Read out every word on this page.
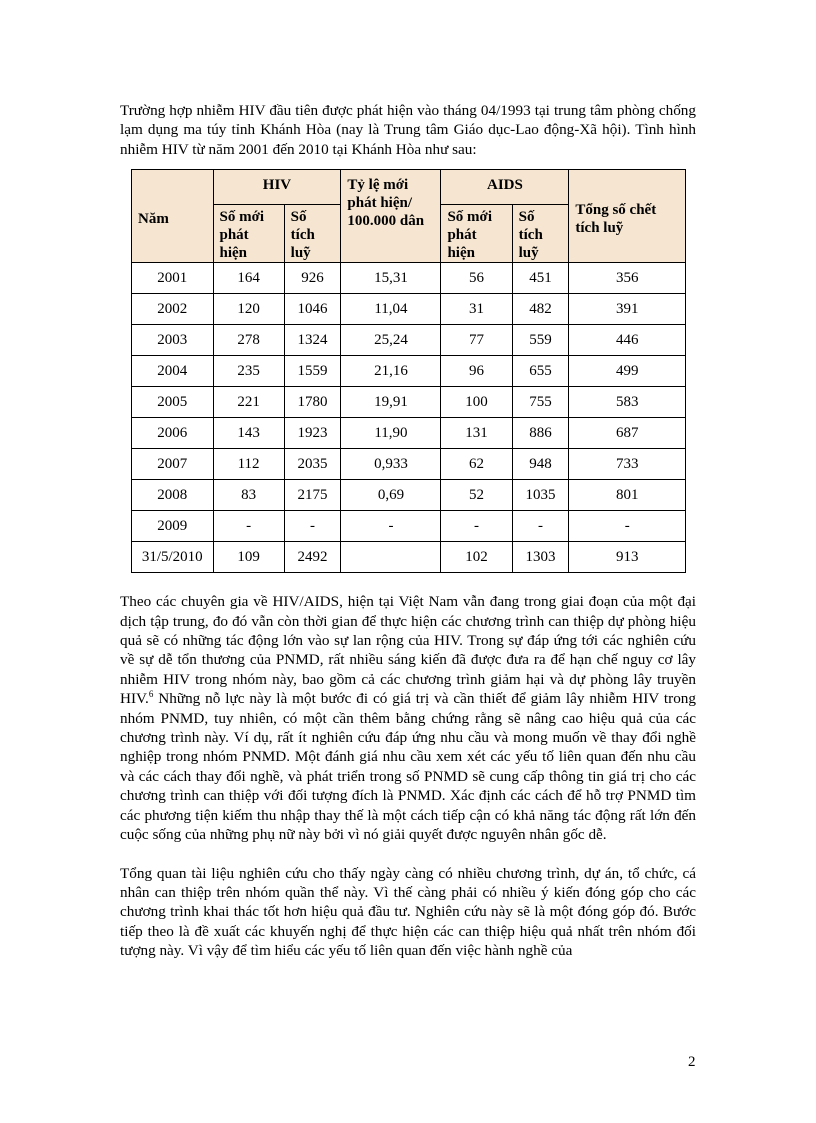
Trường hợp nhiễm HIV đầu tiên được phát hiện vào tháng 04/1993 tại trung tâm phòng chống lạm dụng ma túy tỉnh Khánh Hòa (nay là Trung tâm Giáo dục-Lao động-Xã hội). Tình hình nhiễm HIV từ năm 2001 đến 2010 tại Khánh Hòa như sau:

Năm	HIV		Tỷ lệ mới phát hiện/ 100.000 dân	AIDS		Tổng số chết tích luỹ
	Số mới phát hiện	Số tích luỹ		Số mới phát hiện	Số tích luỹ	
2001	164	926	15,31	56	451	356
2002	120	1046	11,04	31	482	391
2003	278	1324	25,24	77	559	446
2004	235	1559	21,16	96	655	499
2005	221	1780	19,91	100	755	583
2006	143	1923	11,90	131	886	687
2007	112	2035	0,933	62	948	733
2008	83	2175	0,69	52	1035	801
2009	-	-	-	-	-	-
31/5/2010	109	2492		102	1303	913

Theo các chuyên gia về HIV/AIDS, hiện tại Việt Nam vẫn đang trong giai đoạn của một đại dịch tập trung, đo đó vẫn còn thời gian để thực hiện các chương trình can thiệp dự phòng hiệu quả sẽ có những tác động lớn vào sự lan rộng của HIV. Trong sự đáp ứng tới các nghiên cứu về sự dễ tổn thương của PNMD, rất nhiều sáng kiến đã được đưa ra để hạn chế nguy cơ lây nhiễm HIV trong nhóm này, bao gồm cả các chương trình giảm hại và dự phòng lây truyền HIV.$^6$ Những nỗ lực này là một bước đi có giá trị và cần thiết để giảm lây nhiễm HIV trong nhóm PNMD, tuy nhiên, có một cần thêm bằng chứng rằng sẽ nâng cao hiệu quả của các chương trình này. Ví dụ, rất ít nghiên cứu đáp ứng nhu cầu và mong muốn về thay đổi nghề nghiệp trong nhóm PNMD. Một đánh giá nhu cầu xem xét các yếu tố liên quan đến nhu cầu và các cách thay đổi nghề, và phát triển trong số PNMD sẽ cung cấp thông tin giá trị cho các chương trình can thiệp với đối tượng đích là PNMD. Xác định các cách để hỗ trợ PNMD tìm các phương tiện kiếm thu nhập thay thế là một cách tiếp cận có khả năng tác động rất lớn đến cuộc sống của những phụ nữ này bởi vì nó giải quyết được nguyên nhân gốc dễ.

Tổng quan tài liệu nghiên cứu cho thấy ngày càng có nhiều chương trình, dự án, tổ chức, cá nhân can thiệp trên nhóm quần thể này. Vì thế càng phải có nhiều ý kiến đóng góp cho các chương trình khai thác tốt hơn hiệu quả đầu tư. Nghiên cứu này sẽ là một đóng góp đó. Bước tiếp theo là đề xuất các khuyến nghị để thực hiện các can thiệp hiệu quả nhất trên nhóm đối tượng này. Vì vậy để tìm hiểu các yếu tố liên quan đến việc hành nghề của

2
